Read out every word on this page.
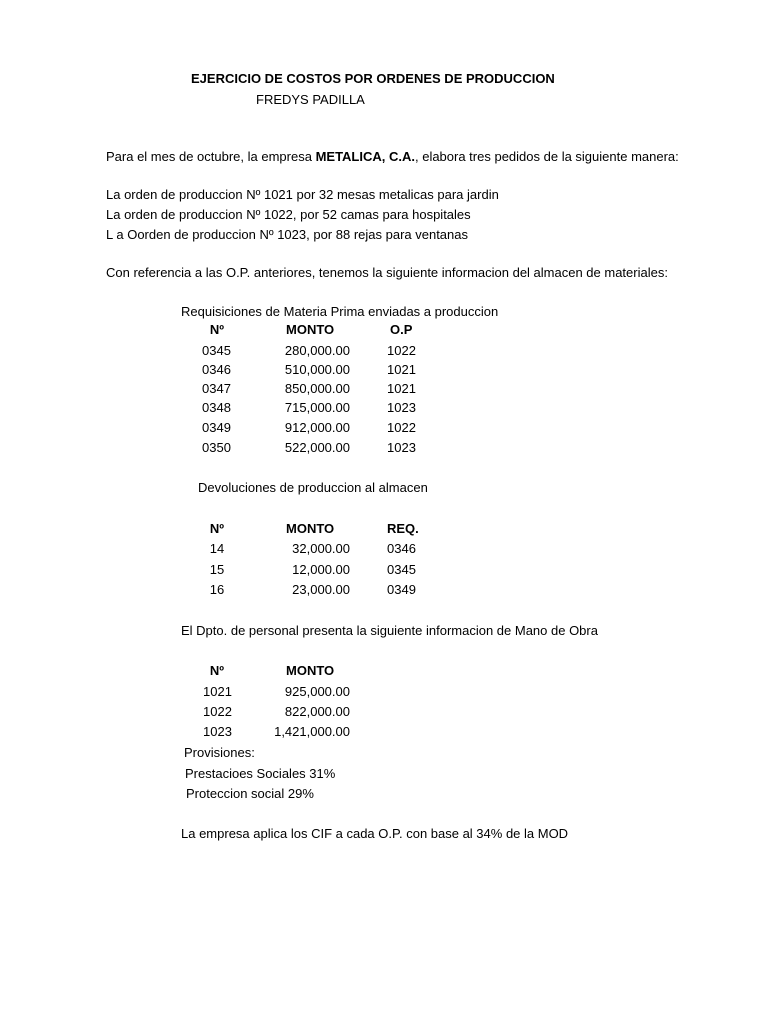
EJERCICIO DE COSTOS POR ORDENES DE PRODUCCION
FREDYS PADILLA
Para el mes de octubre, la empresa METALICA, C.A., elabora tres pedidos de la siguiente manera:
La orden de produccion Nº 1021 por 32 mesas metalicas para jardin
La orden de produccion Nº 1022, por 52 camas para hospitales
L a Oorden de produccion Nº 1023, por 88 rejas para ventanas
Con referencia a las O.P. anteriores, tenemos la siguiente informacion del almacen de materiales:
Requisiciones de Materia Prima enviadas a produccion
Nº	MONTO	O.P
0345	280,000.00	1022
0346	510,000.00	1021
0347	850,000.00	1021
0348	715,000.00	1023
0349	912,000.00	1022
0350	522,000.00	1023
Devoluciones de produccion al almacen
Nº	MONTO	REQ.
14	32,000.00	0346
15	12,000.00	0345
16	23,000.00	0349
El Dpto. de personal presenta la siguiente informacion de Mano de Obra
Nº	MONTO
1021	925,000.00
1022	822,000.00
1023	1,421,000.00
Provisiones:
Prestacioes Sociales 31%
Proteccion social 29%
La empresa aplica los CIF a cada O.P. con base al 34% de la MOD
